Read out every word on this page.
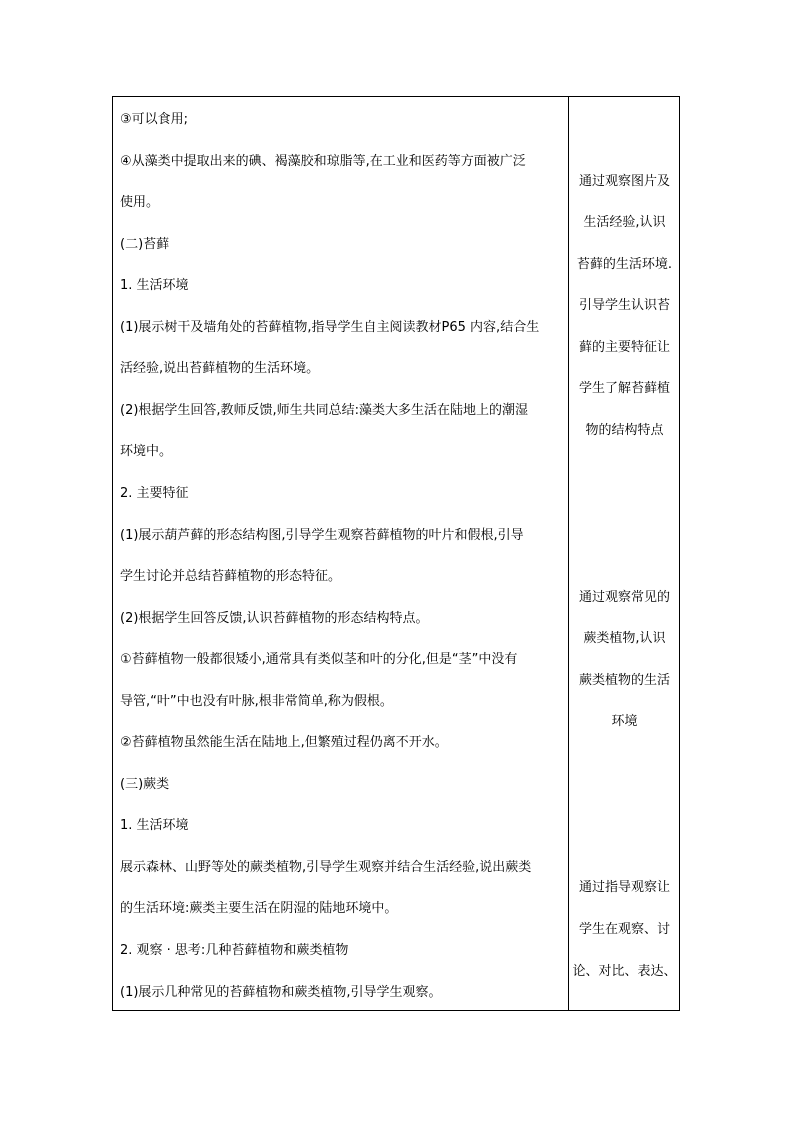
③可以食用;
④从藻类中提取出来的碘、褐藻胶和琼脂等,在工业和医药等方面被广泛
使用。
(二)苔藓
1. 生活环境
(1)展示树干及墙角处的苔藓植物,指导学生自主阅读教材P65 内容,结合生
活经验,说出苔藓植物的生活环境。
(2)根据学生回答,教师反馈,师生共同总结:藻类大多生活在陆地上的潮湿
环境中。
2. 主要特征
(1)展示葫芦藓的形态结构图,引导学生观察苔藓植物的叶片和假根,引导
学生讨论并总结苔藓植物的形态特征。
(2)根据学生回答反馈,认识苔藓植物的形态结构特点。
①苔藓植物一般都很矮小,通常具有类似茎和叶的分化,但是“茎”中没有
导管,“叶”中也没有叶脉,根非常简单,称为假根。
②苔藓植物虽然能生活在陆地上,但繁殖过程仍离不开水。
(三)蕨类
1. 生活环境
展示森林、山野等处的蕨类植物,引导学生观察并结合生活经验,说出蕨类
的生活环境:蕨类主要生活在阴湿的陆地环境中。
2. 观察 · 思考:几种苔藓植物和蕨类植物
(1)展示几种常见的苔藓植物和蕨类植物,引导学生观察。
通过观察图片及
生活经验,认识
苔藓的生活环境.
引导学生认识苔
藓的主要特征让
学生了解苔藓植
物的结构特点
通过观察常见的
蕨类植物,认识
蕨类植物的生活
环境
通过指导观察让
学生在观察、讨
论、对比、表达、
